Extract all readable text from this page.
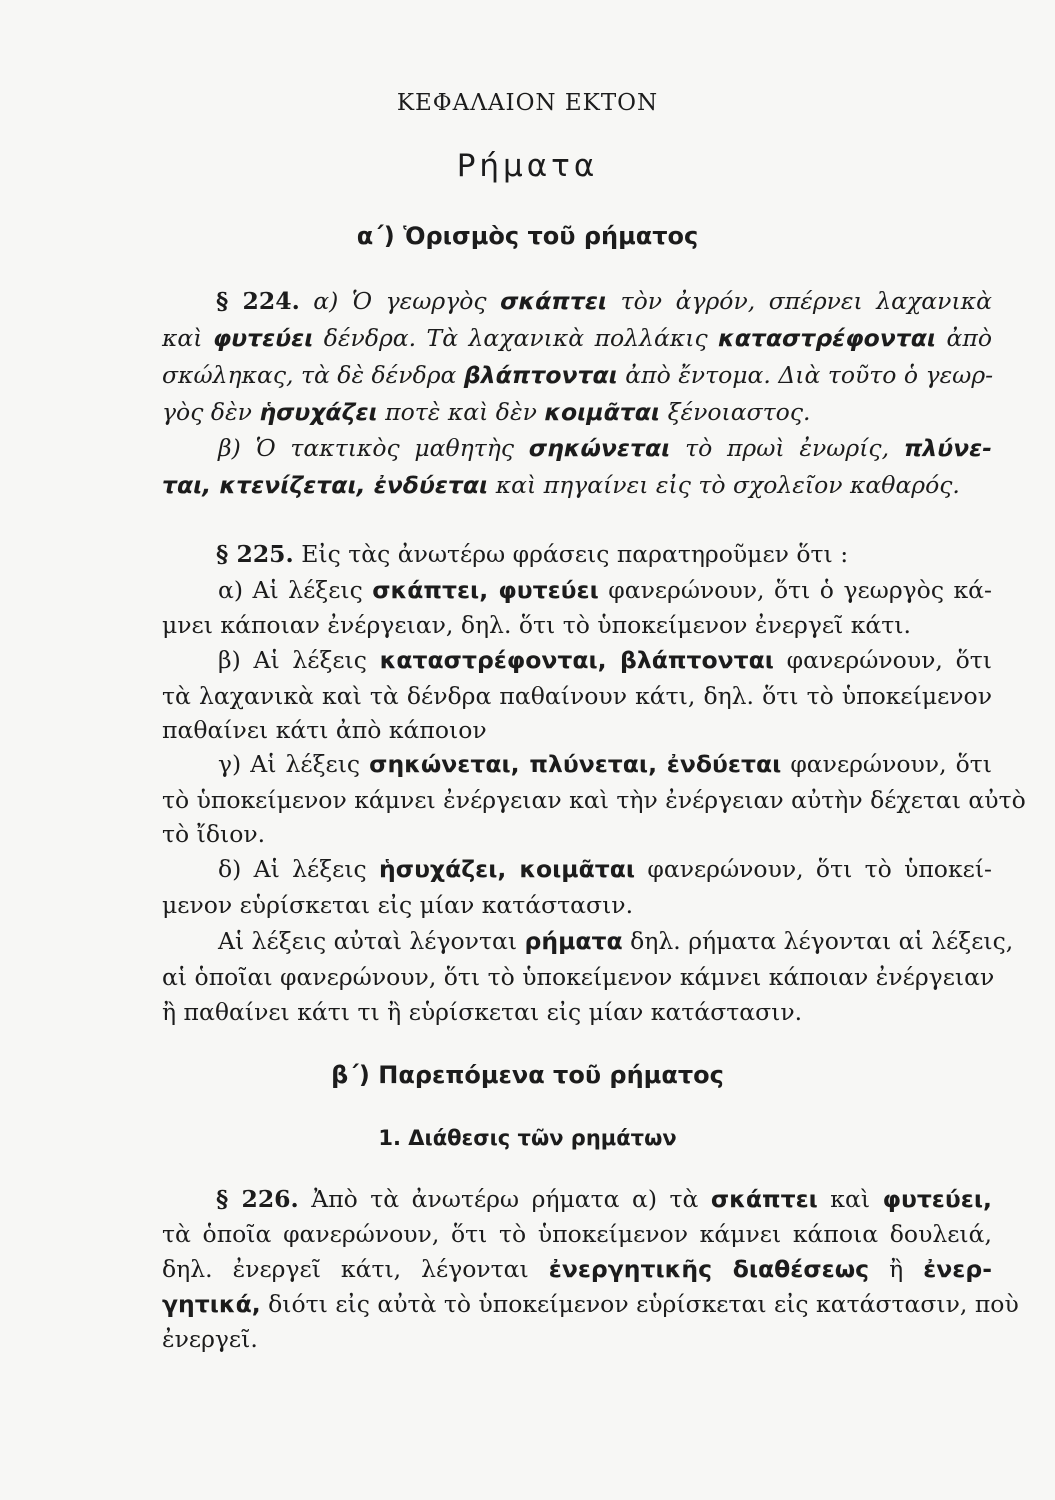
ΚΕΦΑΛΑΙΟΝ ΕΚΤΟΝ
Ρήματα
α΄) Ὁρισμὸς τοῦ ρήματος
§ 224. α) Ὁ γεωργὸς σκάπτει τὸν ἀγρόν, σπέρνει λαχανικὰ
καὶ φυτεύει δένδρα. Τὰ λαχανικὰ πολλάκις καταστρέφονται ἀπὸ
σκώληκας, τὰ δὲ δένδρα βλάπτονται ἀπὸ ἔντομα. Διὰ τοῦτο ὁ γεωρ-
γὸς δὲν ἡσυχάζει ποτὲ καὶ δὲν κοιμᾶται ξένοιαστος.
β) Ὁ τακτικὸς μαθητὴς σηκώνεται τὸ πρωὶ ἐνωρίς, πλύνε-
ται, κτενίζεται, ἐνδύεται καὶ πηγαίνει εἰς τὸ σχολεῖον καθαρός.
§ 225. Εἰς τὰς ἀνωτέρω φράσεις παρατηροῦμεν ὅτι :
α) Αἱ λέξεις σκάπτει, φυτεύει φανερώνουν, ὅτι ὁ γεωργὸς κά-
μνει κάποιαν ἐνέργειαν, δηλ. ὅτι τὸ ὑποκείμενον ἐνεργεῖ κάτι.
β) Αἱ λέξεις καταστρέφονται, βλάπτονται φανερώνουν, ὅτι
τὰ λαχανικὰ καὶ τὰ δένδρα παθαίνουν κάτι, δηλ. ὅτι τὸ ὑποκείμενον
παθαίνει κάτι ἀπὸ κάποιον
γ) Αἱ λέξεις σηκώνεται, πλύνεται, ἐνδύεται φανερώνουν, ὅτι
τὸ ὑποκείμενον κάμνει ἐνέργειαν καὶ τὴν ἐνέργειαν αὐτὴν δέχεται αὐτὸ
τὸ ἴδιον.
δ) Αἱ λέξεις ἡσυχάζει, κοιμᾶται φανερώνουν, ὅτι τὸ ὑποκεί-
μενον εὑρίσκεται εἰς μίαν κατάστασιν.
Αἱ λέξεις αὐταὶ λέγονται ρήματα δηλ. ρήματα λέγονται αἱ λέξεις,
αἱ ὁποῖαι φανερώνουν, ὅτι τὸ ὑποκείμενον κάμνει κάποιαν ἐνέργειαν
ἢ παθαίνει κάτι τι ἢ εὑρίσκεται εἰς μίαν κατάστασιν.
β΄) Παρεπόμενα τοῦ ρήματος
1. Διάθεσις τῶν ρημάτων
§ 226. Ἀπὸ τὰ ἀνωτέρω ρήματα α) τὰ σκάπτει καὶ φυτεύει,
τὰ ὁποῖα φανερώνουν, ὅτι τὸ ὑποκείμενον κάμνει κάποια δουλειά,
δηλ. ἐνεργεῖ κάτι, λέγονται ἐνεργητικῆς διαθέσεως ἢ ἐνερ-
γητικά, διότι εἰς αὐτὰ τὸ ὑποκείμενον εὑρίσκεται εἰς κατάστασιν, ποὺ
ἐνεργεῖ.
